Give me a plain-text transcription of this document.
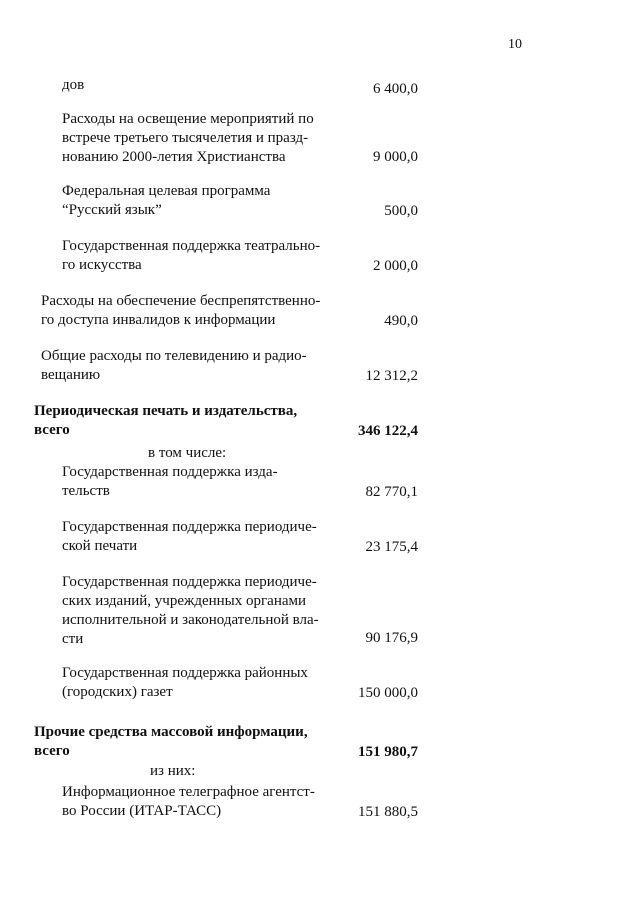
10
дов	6 400,0
Расходы на освещение мероприятий по
встрече третьего тысячелетия и празд-
нованию 2000-летия Христианства	9 000,0
Федеральная целевая программа
“Русский язык”	500,0
Государственная поддержка театрально-
го искусства	2 000,0
Расходы на обеспечение беспрепятственно-
го доступа инвалидов к информации	490,0
Общие расходы по телевидению и радио-
вещанию	12 312,2
Периодическая печать и издательства,
всего	346 122,4
в том числе:
Государственная поддержка изда-
тельств	82 770,1
Государственная поддержка периодиче-
ской печати	23 175,4
Государственная поддержка периодиче-
ских изданий, учрежденных органами
исполнительной и законодательной вла-
сти	90 176,9
Государственная поддержка районных
(городских) газет	150 000,0
Прочие средства массовой информации,
всего	151 980,7
из них:
Информационное телеграфное агентст-
во России (ИТАР-ТАСС)	151 880,5
